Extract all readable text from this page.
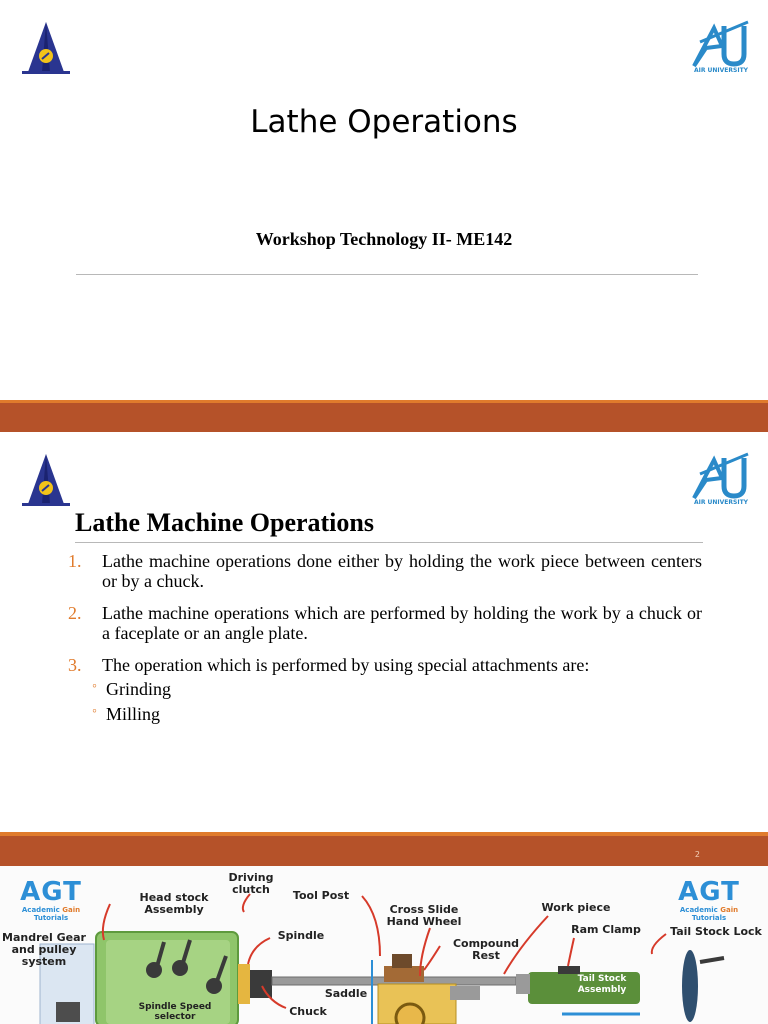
AIR UNIVERSITY
Lathe Operations
Workshop Technology II- ME142
AIR UNIVERSITY
Lathe Machine Operations
1. Lathe machine operations done either by holding the work piece between centers or by a chuck.
2. Lathe machine operations which are performed by holding the work by a chuck or a faceplate or an angle plate.
3. The operation which is performed by using special attachments are:
◦ Grinding
◦ Milling
2
AGT
Academic Gain Tutorials
AGT
Academic Gain Tutorials
Mandrel Gear and pulley system
Head stock Assembly
Driving clutch	Tool Post
Spindle
Spindle Speed selector	Chuck
Saddle
Cross Slide Hand Wheel
Compound Rest
Work piece
Ram Clamp	Tail Stock Lock
Tail Stock Assembly
